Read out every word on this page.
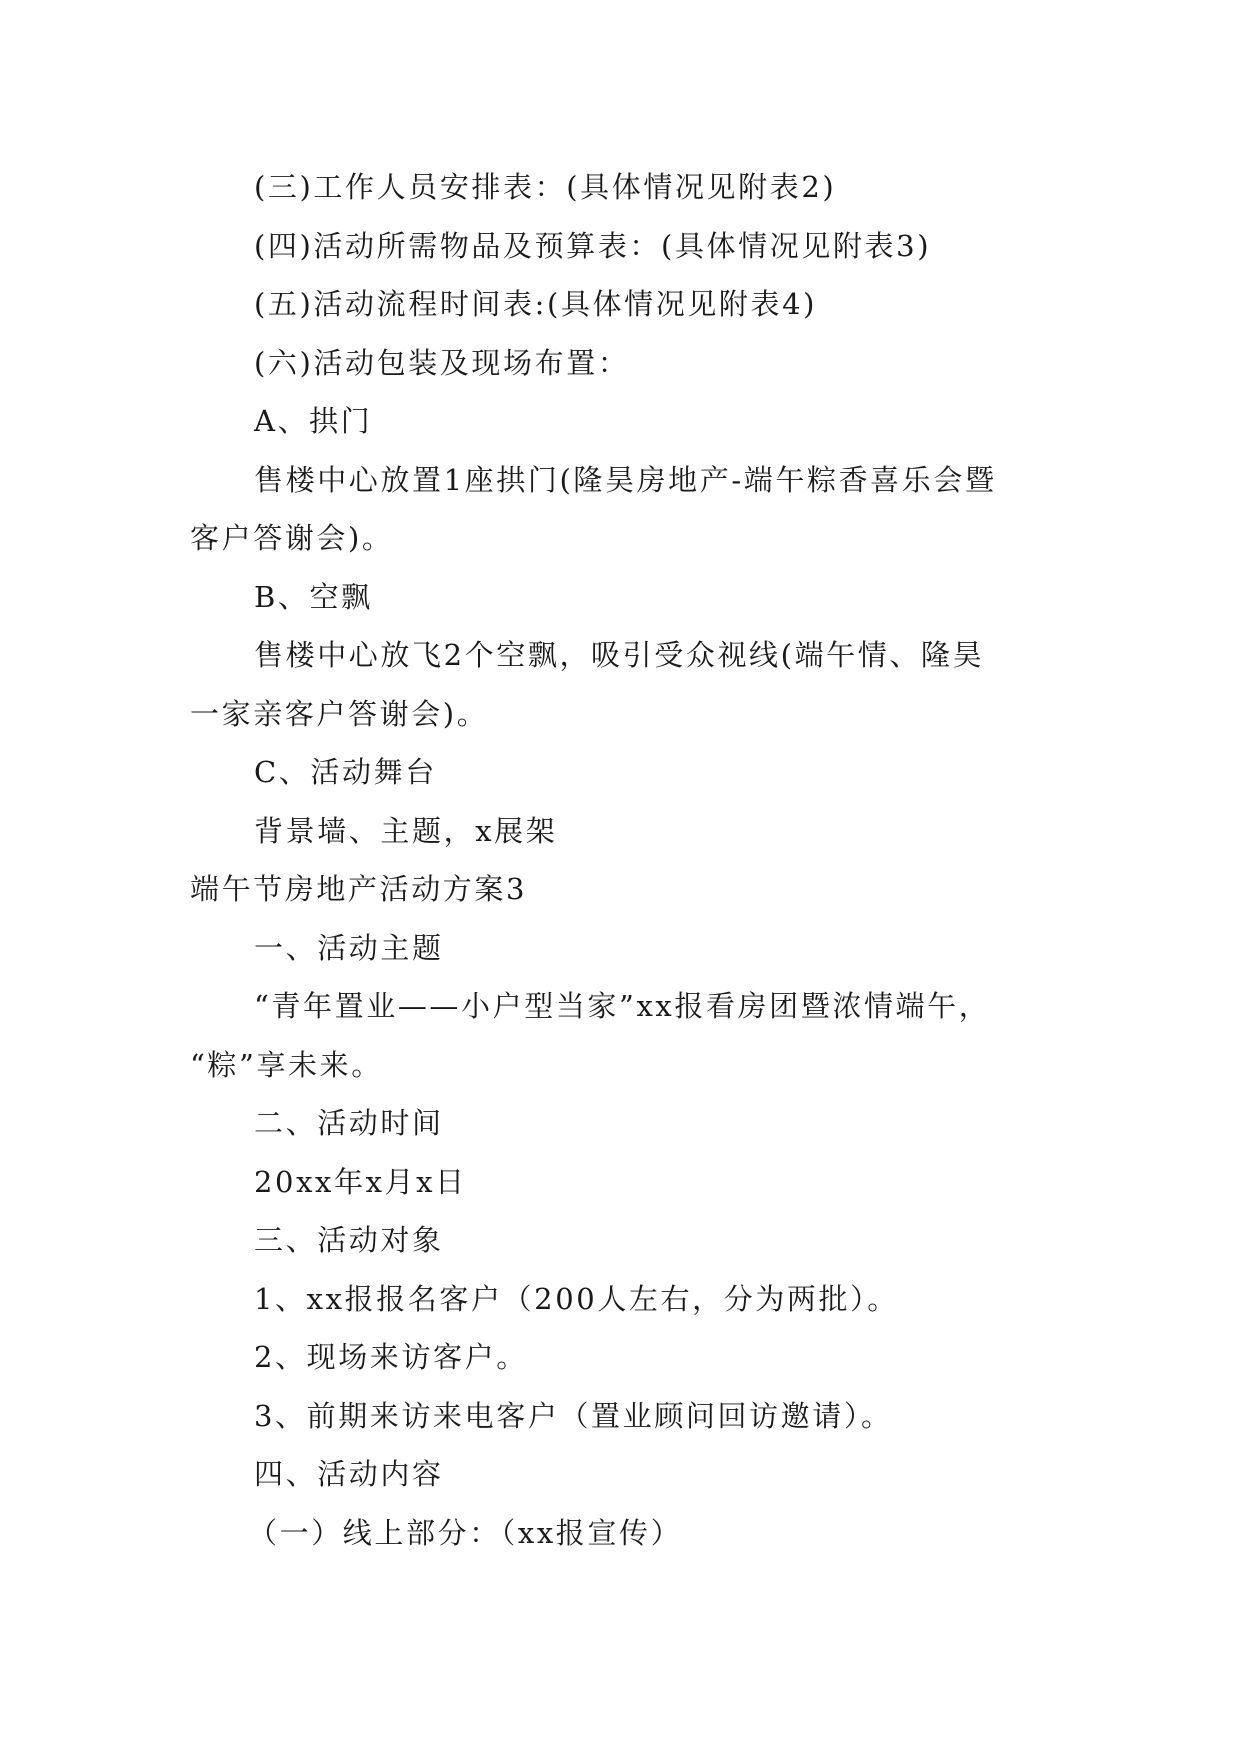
(三)工作人员安排表：(具体情况见附表2)
(四)活动所需物品及预算表：(具体情况见附表3)
(五)活动流程时间表:(具体情况见附表4)
(六)活动包装及现场布置：
A、拱门
售楼中心放置1座拱门(隆昊房地产-端午粽香喜乐会暨
客户答谢会)。
B、空飘
售楼中心放飞2个空飘，吸引受众视线(端午情、隆昊
一家亲客户答谢会)。
C、活动舞台
背景墙、主题，x展架
端午节房地产活动方案3
一、活动主题
“青年置业——小户型当家”xx报看房团暨浓情端午，
“粽”享未来。
二、活动时间
20xx年x月x日
三、活动对象
1、xx报报名客户（200人左右，分为两批）。
2、现场来访客户。
3、前期来访来电客户（置业顾问回访邀请）。
四、活动内容
（一）线上部分：（xx报宣传）
